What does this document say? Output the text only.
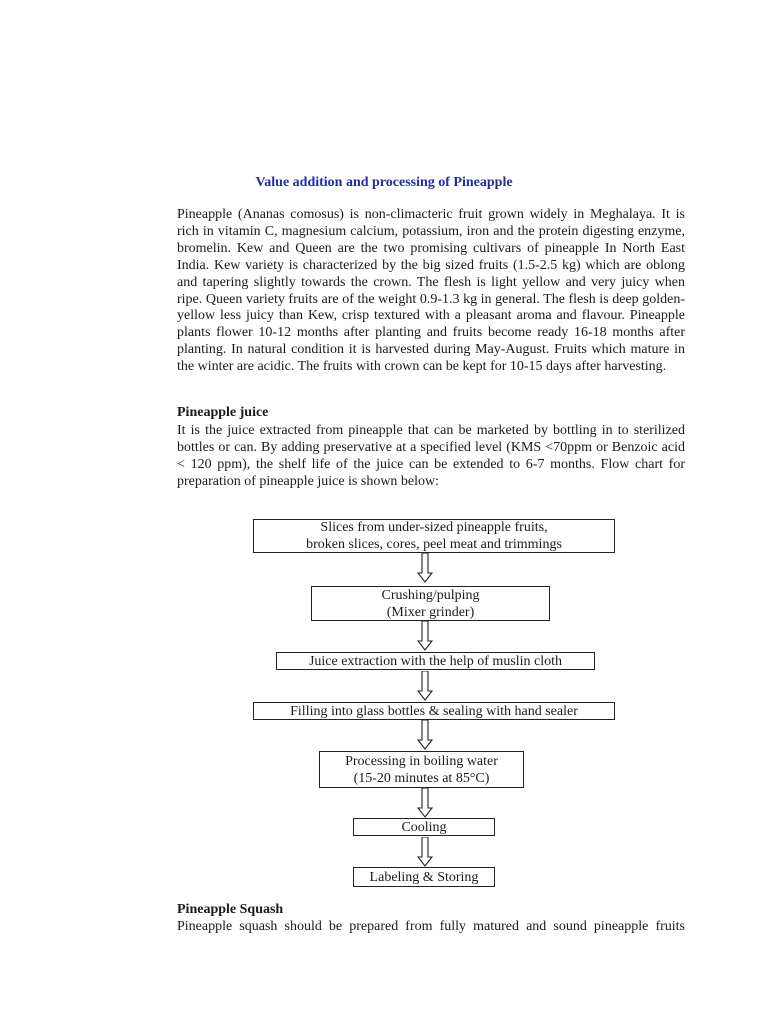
Value addition and processing of Pineapple

Pineapple (Ananas comosus) is non-climacteric fruit grown widely in Meghalaya. It is rich in vitamin C, magnesium calcium, potassium, iron and the protein digesting enzyme, bromelin. Kew and Queen are the two promising cultivars of pineapple In North East India. Kew variety is characterized by the big sized fruits (1.5-2.5 kg) which are oblong and tapering slightly towards the crown. The flesh is light yellow and very juicy when ripe. Queen variety fruits are of the weight 0.9-1.3 kg in general. The flesh is deep golden-yellow less juicy than Kew, crisp textured with a pleasant aroma and flavour. Pineapple plants flower 10-12 months after planting and fruits become ready 16-18 months after planting. In natural condition it is harvested during May-August. Fruits which mature in the winter are acidic. The fruits with crown can be kept for 10-15 days after harvesting.

Pineapple juice

It is the juice extracted from pineapple that can be marketed by bottling in to sterilized bottles or can. By adding preservative at a specified level (KMS <70ppm or Benzoic acid < 120 ppm), the shelf life of the juice can be extended to 6-7 months. Flow chart for preparation of pineapple juice is shown below:

Slices from under-sized pineapple fruits,
broken slices, cores, peel meat and trimmings
Crushing/pulping
(Mixer grinder)
Juice extraction with the help of muslin cloth
Filling into glass bottles & sealing with hand sealer
Processing in boiling water
(15-20 minutes at 85°C)
Cooling
Labeling & Storing
Pineapple Squash
Pineapple squash should be prepared from fully matured and sound pineapple fruits
